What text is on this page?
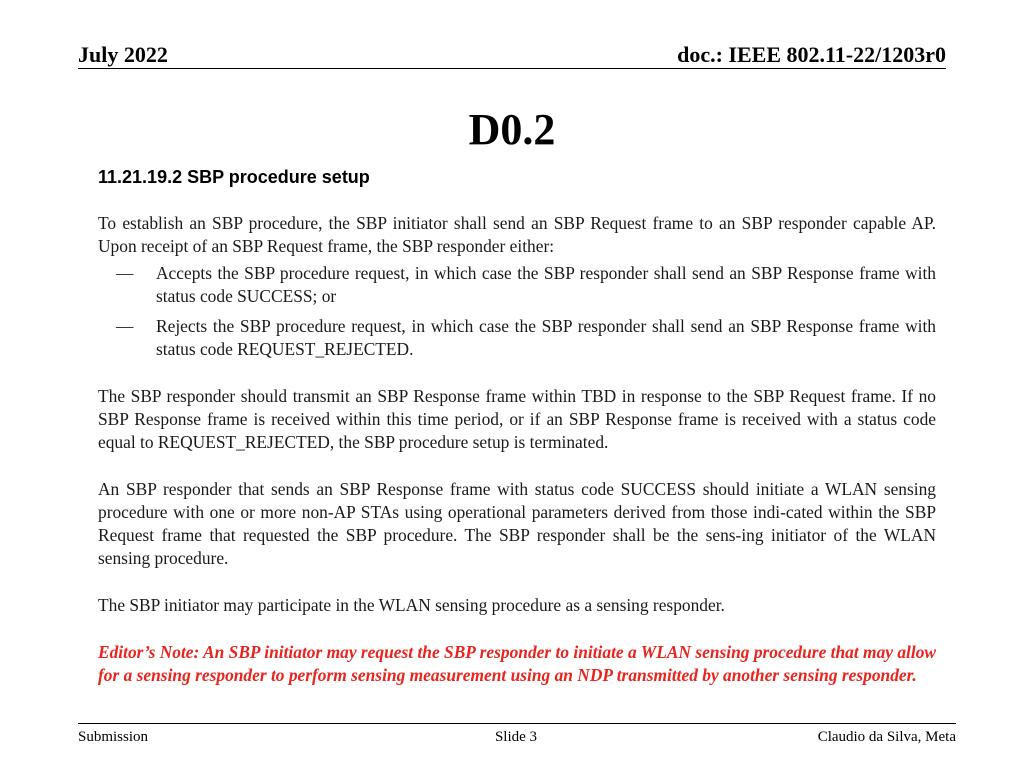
July 2022	doc.: IEEE 802.11-22/1203r0
D0.2
11.21.19.2 SBP procedure setup

To establish an SBP procedure, the SBP initiator shall send an SBP Request frame to an SBP responder capable AP. Upon receipt of an SBP Request frame, the SBP responder either:

— Accepts the SBP procedure request, in which case the SBP responder shall send an SBP Response frame with status code SUCCESS; or
— Rejects the SBP procedure request, in which case the SBP responder shall send an SBP Response frame with status code REQUEST_REJECTED.

The SBP responder should transmit an SBP Response frame within TBD in response to the SBP Request frame. If no SBP Response frame is received within this time period, or if an SBP Response frame is received with a status code equal to REQUEST_REJECTED, the SBP procedure setup is terminated.

An SBP responder that sends an SBP Response frame with status code SUCCESS should initiate a WLAN sensing procedure with one or more non-AP STAs using operational parameters derived from those indi-cated within the SBP Request frame that requested the SBP procedure. The SBP responder shall be the sens-ing initiator of the WLAN sensing procedure.

The SBP initiator may participate in the WLAN sensing procedure as a sensing responder.

Editor’s Note: An SBP initiator may request the SBP responder to initiate a WLAN sensing procedure that may allow for a sensing responder to perform sensing measurement using an NDP transmitted by another sensing responder.

Submission	Slide 3	Claudio da Silva, Meta
